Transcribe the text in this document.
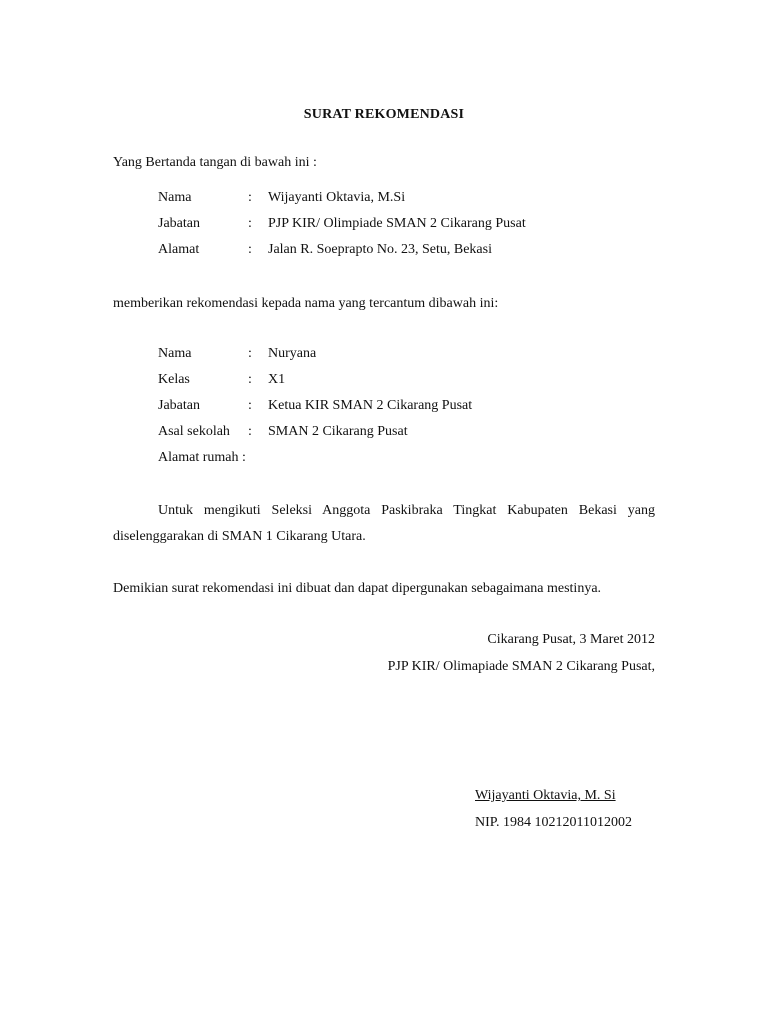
SURAT REKOMENDASI
Yang Bertanda tangan di bawah ini :
Nama	: Wijayanti Oktavia, M.Si
Jabatan	: PJP KIR/ Olimpiade SMAN 2 Cikarang Pusat
Alamat	: Jalan R. Soeprapto No. 23, Setu, Bekasi
memberikan rekomendasi kepada nama yang tercantum dibawah ini:
Nama	: Nuryana
Kelas	: X1
Jabatan	: Ketua KIR SMAN 2 Cikarang Pusat
Asal sekolah : SMAN 2 Cikarang Pusat
Alamat rumah :
Untuk mengikuti Seleksi Anggota Paskibraka Tingkat Kabupaten Bekasi yang
diselenggarakan di SMAN 1 Cikarang Utara.
Demikian surat rekomendasi ini dibuat dan dapat dipergunakan sebagaimana mestinya.
Cikarang Pusat, 3 Maret 2012
PJP KIR/ Olimapiade SMAN 2 Cikarang Pusat,
Wijayanti Oktavia, M. Si
NIP. 1984 10212011012002
